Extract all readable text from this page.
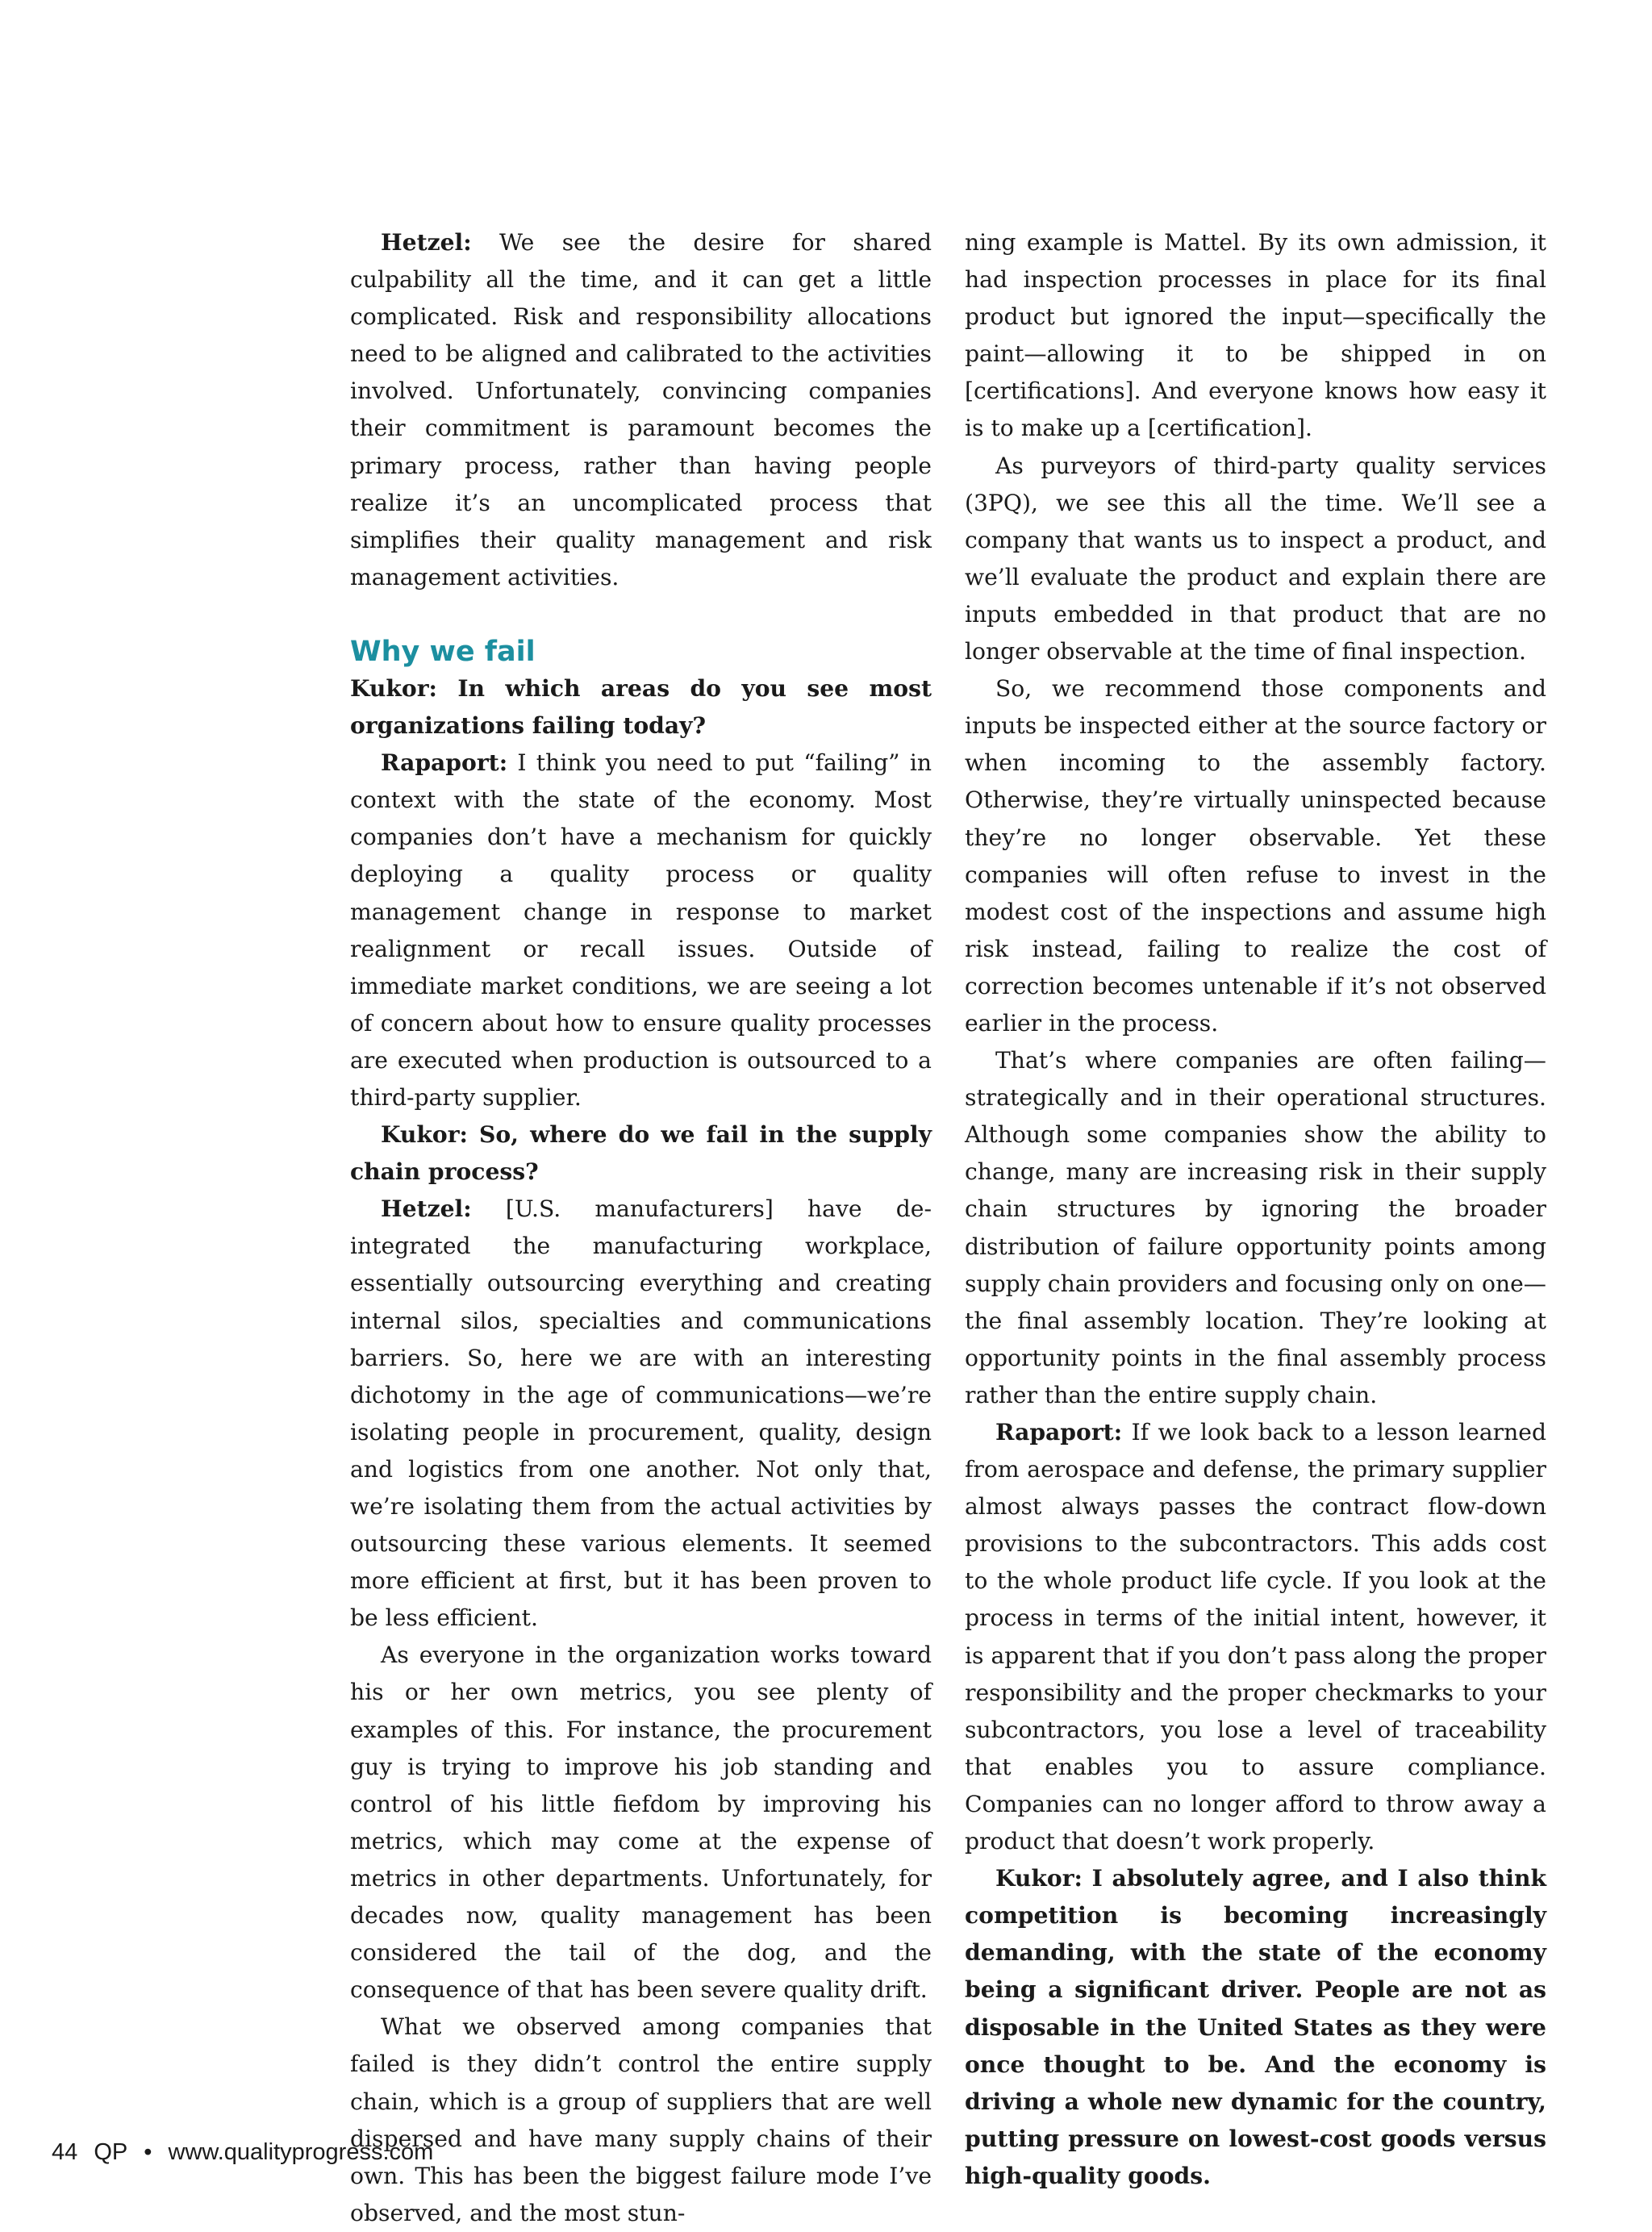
Hetzel: We see the desire for shared culpability all the time, and it can get a little complicated. Risk and responsibility allocations need to be aligned and calibrated to the activities involved. Unfortunately, convincing companies their commitment is paramount becomes the primary process, rather than having people realize it’s an uncomplicated process that simplifies their quality management and risk management activities.

Why we fail

Kukor: In which areas do you see most organizations failing today?

Rapaport: I think you need to put “failing” in context with the state of the economy. Most companies don’t have a mechanism for quickly deploying a quality process or quality management change in response to market realignment or recall issues. Outside of immediate market conditions, we are seeing a lot of concern about how to ensure quality processes are executed when production is outsourced to a third-party supplier.

Kukor: So, where do we fail in the supply chain process?

Hetzel: [U.S. manufacturers] have de-integrated the manufacturing workplace, essentially outsourcing everything and creating internal silos, specialties and communications barriers. So, here we are with an interesting dichotomy in the age of communications—we’re isolating people in procurement, quality, design and logistics from one another. Not only that, we’re isolating them from the actual activities by outsourcing these various elements. It seemed more efficient at first, but it has been proven to be less efficient.

As everyone in the organization works toward his or her own metrics, you see plenty of examples of this. For instance, the procurement guy is trying to improve his job standing and control of his little fiefdom by improving his metrics, which may come at the expense of metrics in other departments. Unfortunately, for decades now, quality management has been considered the tail of the dog, and the consequence of that has been severe quality drift.

What we observed among companies that failed is they didn’t control the entire supply chain, which is a group of suppliers that are well dispersed and have many supply chains of their own. This has been the biggest failure mode I’ve observed, and the most stun-

ning example is Mattel. By its own admission, it had inspection processes in place for its final product but ignored the input—specifically the paint—allowing it to be shipped in on [certifications]. And everyone knows how easy it is to make up a [certification].

As purveyors of third-party quality services (3PQ), we see this all the time. We’ll see a company that wants us to inspect a product, and we’ll evaluate the product and explain there are inputs embedded in that product that are no longer observable at the time of final inspection.

So, we recommend those components and inputs be inspected either at the source factory or when incoming to the assembly factory. Otherwise, they’re virtually uninspected because they’re no longer observable. Yet these companies will often refuse to invest in the modest cost of the inspections and assume high risk instead, failing to realize the cost of correction becomes untenable if it’s not observed earlier in the process.

That’s where companies are often failing—strategically and in their operational structures. Although some companies show the ability to change, many are increasing risk in their supply chain structures by ignoring the broader distribution of failure opportunity points among supply chain providers and focusing only on one—the final assembly location. They’re looking at opportunity points in the final assembly process rather than the entire supply chain.

Rapaport: If we look back to a lesson learned from aerospace and defense, the primary supplier almost always passes the contract flow-down provisions to the subcontractors. This adds cost to the whole product life cycle. If you look at the process in terms of the initial intent, however, it is apparent that if you don’t pass along the proper responsibility and the proper checkmarks to your subcontractors, you lose a level of traceability that enables you to assure compliance. Companies can no longer afford to throw away a product that doesn’t work properly.

Kukor: I absolutely agree, and I also think competition is becoming increasingly demanding, with the state of the economy being a significant driver. People are not as disposable in the United States as they were once thought to be. And the economy is driving a whole new dynamic for the country, putting pressure on lowest-cost goods versus high-quality goods.

44 QP • www.qualityprogress.com
